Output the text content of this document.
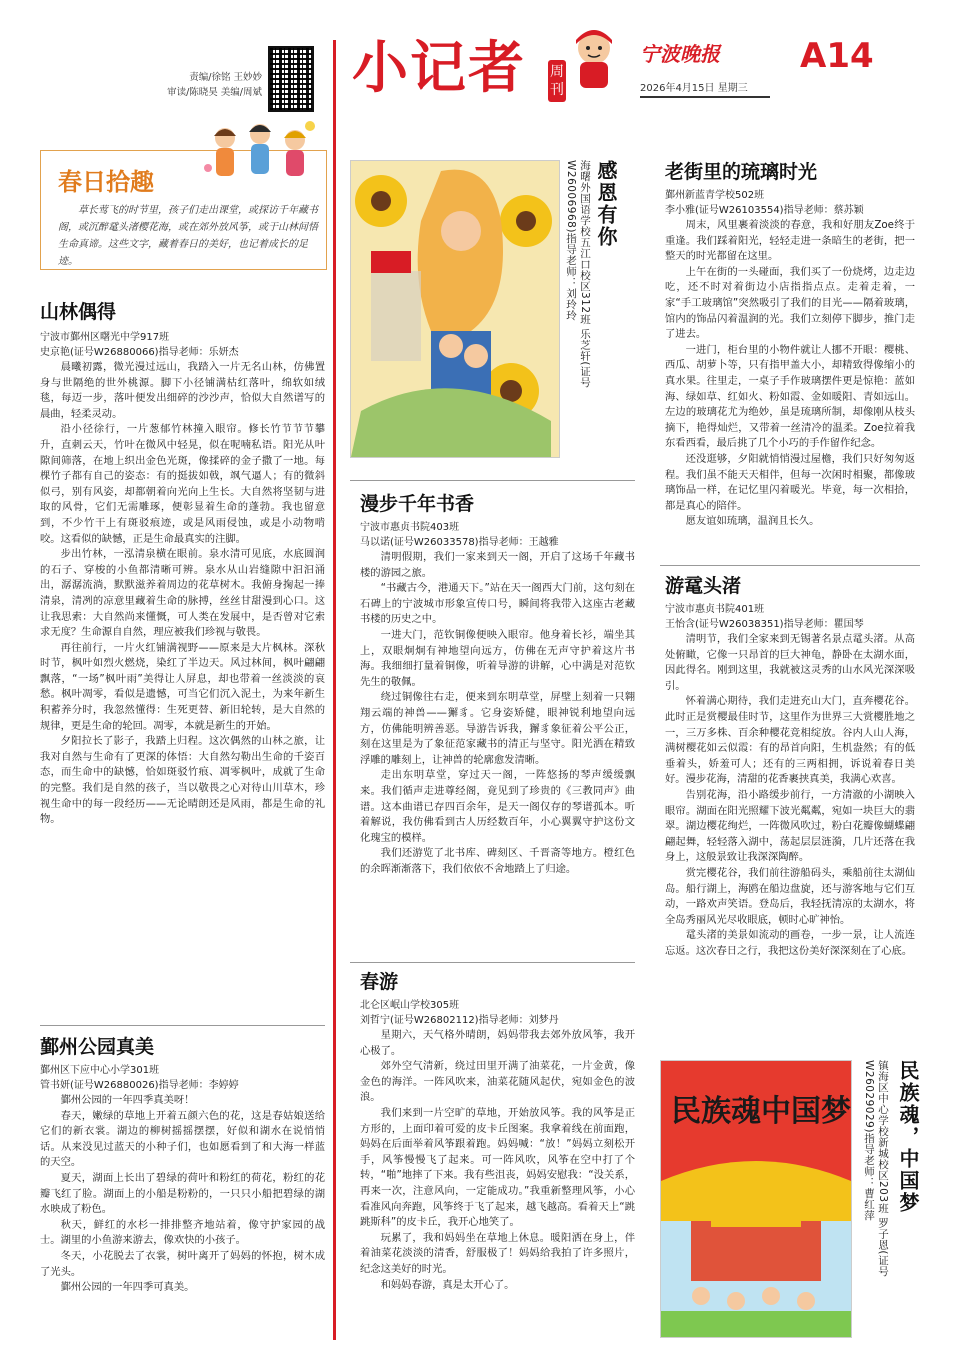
责编/徐铭 王妙妙
审读/陈晓昊 美编/周斌 小记者 周刊
宁波晚报
2026年4月15日 星期三
A14
春日拾趣
草长莺飞的时节里，孩子们走出课堂，或探访千年藏书阁，或沉醉鼋头渚樱花海，或在郊外放风筝，或于山林间悟生命真谛。这些文字，藏着春日的美好，也记着成长的足迹。
山林偶得
宁波市鄞州区曙光中学917班
史京艳(证号W26880066)指导老师：乐妍杰

晨曦初露，微光漫过远山，我踏入一片无名山林，仿佛置身与世隔绝的世外桃源。脚下小径铺满枯红落叶，绵软如绒毯，每迈一步，落叶便发出细碎的沙沙声，恰似大自然谱写的晨曲，轻柔灵动。

沿小径徐行，一片葱郁竹林撞入眼帘。修长竹节节节攀升，直刺云天，竹叶在微风中轻晃，似在呢喃私语。阳光从叶隙间筛落，在地上织出金色光斑，像揉碎的金子撒了一地。每棵竹子都有自己的姿态：有的挺拔如戟，飒气逼人；有的微斜似弓，别有风姿，却都朝着向光向上生长。大自然将坚韧与进取的风骨，它们无需雕琢，便彰显着生命的蓬勃。我也留意到，不少竹干上有斑驳痕迹，或是风雨侵蚀，或是小动物啃咬。这看似的缺憾，正是生命最真实的注脚。

步出竹林，一泓清泉横在眼前。泉水清可见底，水底圆润的石子、穿梭的小鱼都清晰可辨。泉水从山岩缝隙中汩汩涌出，潺潺流淌，默默滋养着周边的花草树木。我俯身掬起一捧清泉，清冽的凉意里藏着生命的脉搏，丝丝甘甜漫到心口。这让我思索：大自然尚来懂慨，可人类在发展中，是否曾对它索求无度？生命源自自然，理应被我们珍视与敬畏。

再往前行，一片火红铺满视野——原来是大片枫林。深秋时节，枫叶如烈火燃烧，染红了半边天。风过林间，枫叶翩翩飘落，“一场”枫叶雨”美得让人屏息，却也带着一丝淡淡的哀愁。枫叶凋零，看似是遗憾，可当它们沉入泥土，为来年新生积蓄养分时，我忽然懂得：生死更替、新旧轮转，是大自然的规律，更是生命的轮回。凋零，本就是新生的开始。

夕阳拉长了影子，我踏上归程。这次偶然的山林之旅，让我对自然与生命有了更深的体悟：大自然勾勒出生命的千姿百态，而生命中的缺憾，恰如斑驳竹痕、凋零枫叶，成就了生命的完整。我们是自然的孩子，当以敬畏之心对待山川草木，珍视生命中的每一段经历——无论晴朗还是风雨，都是生命的礼物。

鄞州公园真美
鄞州区下应中心小学301班
管书妍(证号W26880026)指导老师：李婷婷

鄞州公园的一年四季真美呀！

春天，嫩绿的草地上开着五颜六色的花，这是春姑娘送给它们的新衣裳。湖边的柳树摇摇摆摆，好似和湖水在说悄悄话。从来没见过蓝天的小种子们，也如愿看到了和大海一样蓝的天空。

夏天，湖面上长出了碧绿的荷叶和粉红的荷花，粉红的花瓣飞红了脸。湖面上的小船是粉粉的，一只只小船把碧绿的湖水映成了粉色。

秋天，鲜红的水杉一排排整齐地站着，像守护家园的战士。湖里的小鱼游来游去，像欢快的小孩子。

冬天，小花脱去了衣裳，树叶离开了妈妈的怀抱，树木成了光头。

鄞州公园的一年四季可真美。

感恩有你
海曙外国语学校五江口校区312班 乐芝轩(证号W26006968)指导老师：刘玲玲
漫步千年书香
宁波市惠贞书院403班
马以诺(证号W26033578)指导老师：王越雅

清明假期，我们一家来到天一阁，开启了这场千年藏书楼的游园之旅。

“书藏古今，港通天下。”站在天一阁西大门前，这句刻在石碑上的宁波城市形象宣传口号，瞬间将我带入这座古老藏书楼的历史之中。

一进大门，范钦铜像便映入眼帘。他身着长衫，端坐其上，双眼炯炯有神地望向远方，仿佛在无声守护着这片书海。我细细打量着铜像，听着导游的讲解，心中满是对范钦先生的敬佩。

绕过铜像往右走，便来到东明草堂，屏壁上刻着一只翱翔云端的神兽——獬豸。它身姿矫健，眼神锐利地望向远方，仿佛能明辨善恶。导游告诉我，獬豸象征着公平公正，刻在这里是为了象征范家藏书的清正与坚守。阳光洒在精致浮雕的雕刻上，让神兽的轮廓愈发清晰。

走出东明草堂，穿过天一阁，一阵悠扬的琴声缓缓飘来。我们循声走进尊经阁，竟见到了珍贵的《三教同声》曲谱。这本曲谱已存四百余年，是天一阁仅存的琴谱孤本。听着解说，我仿佛看到古人历经数百年，小心翼翼守护这份文化瑰宝的模样。

我们还游览了北书库、碑刻区、千晋斋等地方。橙红色的余晖渐渐落下，我们依依不舍地踏上了归途。

春游
北仑区岷山学校305班
刘哲宁(证号W26802112)指导老师：刘梦丹

星期六，天气格外晴朗，妈妈带我去郊外放风筝，我开心极了。

郊外空气清新，绕过田里开满了油菜花，一片金黄，像金色的海洋。一阵风吹来，油菜花随风起伏，宛如金色的波浪。

我们来到一片空旷的草地，开始放风筝。我的风筝是正方形的，上面印着可爱的皮卡丘图案。我拿着线在前面跑，妈妈在后面举着风筝跟着跑。妈妈喊：“放！”妈妈立刻松开手，风筝慢慢飞了起来。可一阵风吹，风筝在空中打了个转，“啪”地摔了下来。我有些沮丧，妈妈安慰我：“没关系，再来一次，注意风向，一定能成功。”我重新整理风筝，小心看准风向奔跑，风筝终于飞了起来，越飞越高。看着天上“跳跳斯科”的皮卡丘，我开心地笑了。

玩累了，我和妈妈坐在草地上休息。暖阳洒在身上，伴着油菜花淡淡的清香，舒服极了！妈妈给我拍了许多照片，纪念这美好的时光。

和妈妈春游，真是太开心了。

老街里的琉璃时光
鄞州新蓝青学校502班
李小雅(证号W26103554)指导老师：蔡苏颖

周末，风里裹着淡淡的春意，我和好朋友Zoe终于重逢。我们踩着阳光，轻轻走进一条暗生的老街，把一整天的时光都留在这里。

上午在街的一头碰面，我们买了一份烧烤，边走边吃，还不时对着街边小店指指点点。走着走着，一家“手工玻璃馆”突然吸引了我们的目光——隔着玻璃，馆内的饰品闪着温润的光。我们立刻停下脚步，推门走了进去。

一进门，柜台里的小物件就让人挪不开眼：樱桃、西瓜、胡萝卜等，只有指甲盖大小，却精致得像缩小的真水果。往里走，一桌子手作玻璃摆件更是惊艳：蓝如海、绿如草、红如火、粉如霞、金如暖阳、青如远山。左边的玻璃花尤为绝妙，虽是琉璃所制，却像刚从枝头摘下，艳得灿烂，又带着一丝清冷的温柔。Zoe拉着我东看西看，最后挑了几个小巧的手作留作纪念。

还没逛够，夕阳就悄悄漫过屋檐，我们只好匆匆返程。我们虽不能天天相伴，但每一次闲时相聚，都像玻璃饰品一样，在记忆里闪着暖光。毕竟，每一次相拾，都是真心的陪伴。

愿友谊如琉璃，温润且长久。

游鼋头渚
宁波市惠贞书院401班
王怡含(证号W26038351)指导老师：瞿国琴

清明节，我们全家来到无锡著名景点鼋头渚。从高处俯瞰，它像一只昂首的巨大神龟，静卧在太湖水面，因此得名。刚到这里，我就被这灵秀的山水风光深深吸引。

怀着满心期待，我们走进充山大门，直奔樱花谷。此时正是赏樱最佳时节，这里作为世界三大赏樱胜地之一，三万多株、百余种樱花竞相绽放。谷内人山人海，满树樱花如云似霞：有的昂首向阳，生机盎然；有的低垂着头，娇羞可人；还有的三两相拥，诉说着春日美好。漫步花海，清甜的花香裹挟真美，我满心欢喜。

告别花海，沿小路缓步前行，一方清澈的小湖映入眼帘。湖面在阳光照耀下波光粼粼，宛如一块巨大的翡翠。湖边樱花绚烂，一阵微风吹过，粉白花瓣像蝴蝶翩翩起舞，轻轻落入湖中，荡起层层涟漪，几片还落在我身上，这般景致让我深深陶醉。

赏完樱花谷，我们前往游船码头，乘船前往太湖仙岛。船行湖上，海鸥在船边盘旋，还与游客地与它们互动，一路欢声笑语。登岛后，我轻抚清凉的太湖水，将全岛秀丽风光尽收眼底，顿时心旷神怡。

鼋头渚的美景如流动的画卷，一步一景，让人流连忘返。这次春日之行，我把这份美好深深刻在了心底。

民族魂中国梦 民族魂，中国梦
镇海区中心学校新城校区203班 罗子恩(证号W26029029)指导老师：曹红萍
